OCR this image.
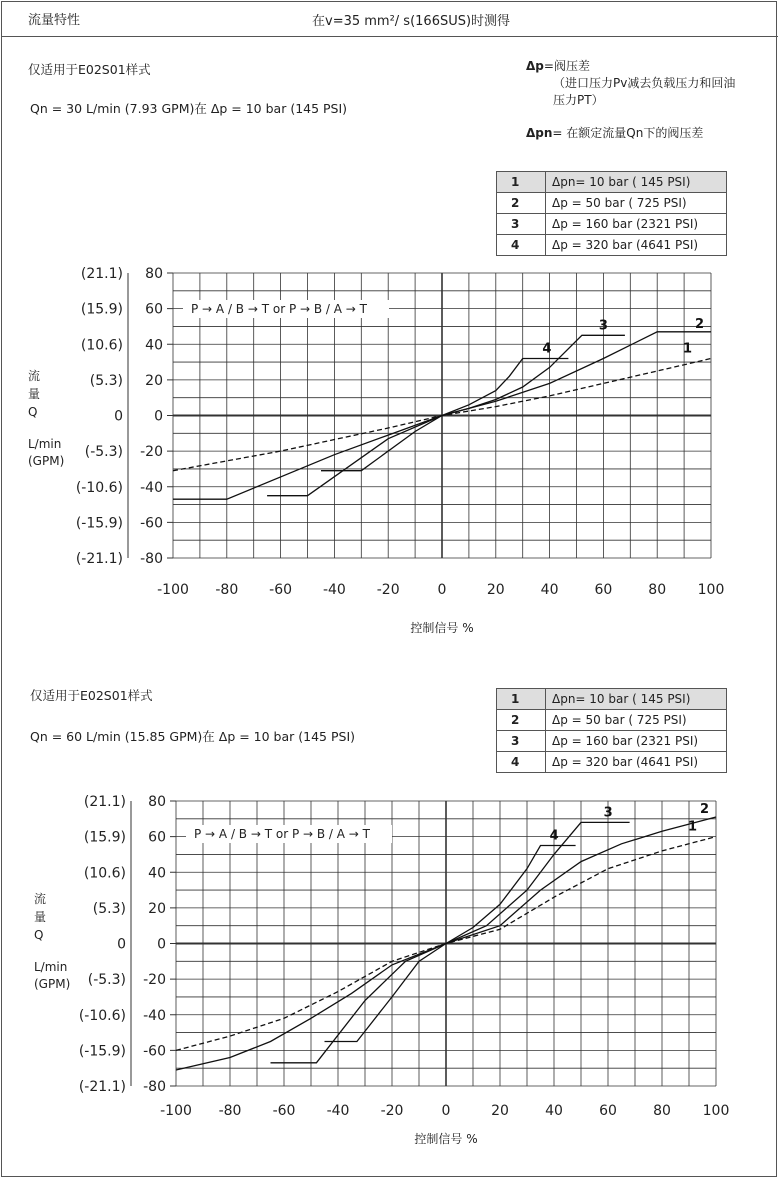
流量特性	在v=35 mm²/ s(166SUS)时测得
仅适用于E02S01样式
Qn = 30 L/min (7.93 GPM)在 Δp = 10 bar (145 PSI)
Δp=阀压差
（进口压力Pv减去负载压力和回油
压力PT）
Δpn= 在额定流量Qn下的阀压差
1	Δpn= 10 bar ( 145 PSI)
2	Δp = 50 bar ( 725 PSI)
3	Δp = 160 bar (2321 PSI)
4	Δp = 320 bar (4641 PSI)
仅适用于E02S01样式
Qn = 60 L/min (15.85 GPM)在 Δp = 10 bar (145 PSI)
1	Δpn= 10 bar ( 145 PSI)
2	Δp = 50 bar ( 725 PSI)
3	Δp = 160 bar (2321 PSI)
4	Δp = 320 bar (4641 PSI)
80
60
40
20
0
-20
-40
-60
-80
(21.1)
(15.9)
(10.6)
(5.3)
0
(-5.3)
(-10.6)
(-15.9)
(-21.1)
-100 -80 -60 -40 -20	0	20	40	60	80 100
控制信号 %
流
量
Q
L/min
(GPM)
P → A / B → T or P → B / A → T
1
2
3
4
80
60
40
20
0
-20
-40
-60
-80
(21.1)
(15.9)
(10.6)
(5.3)
0
(-5.3)
(-10.6)
(-15.9)
(-21.1)
-100 -80 -60 -40 -20	0	20	40	60	80 100
控制信号 %
流
量
Q
L/min
(GPM)
P → A / B → T or P → B / A → T	1
2
3
4
